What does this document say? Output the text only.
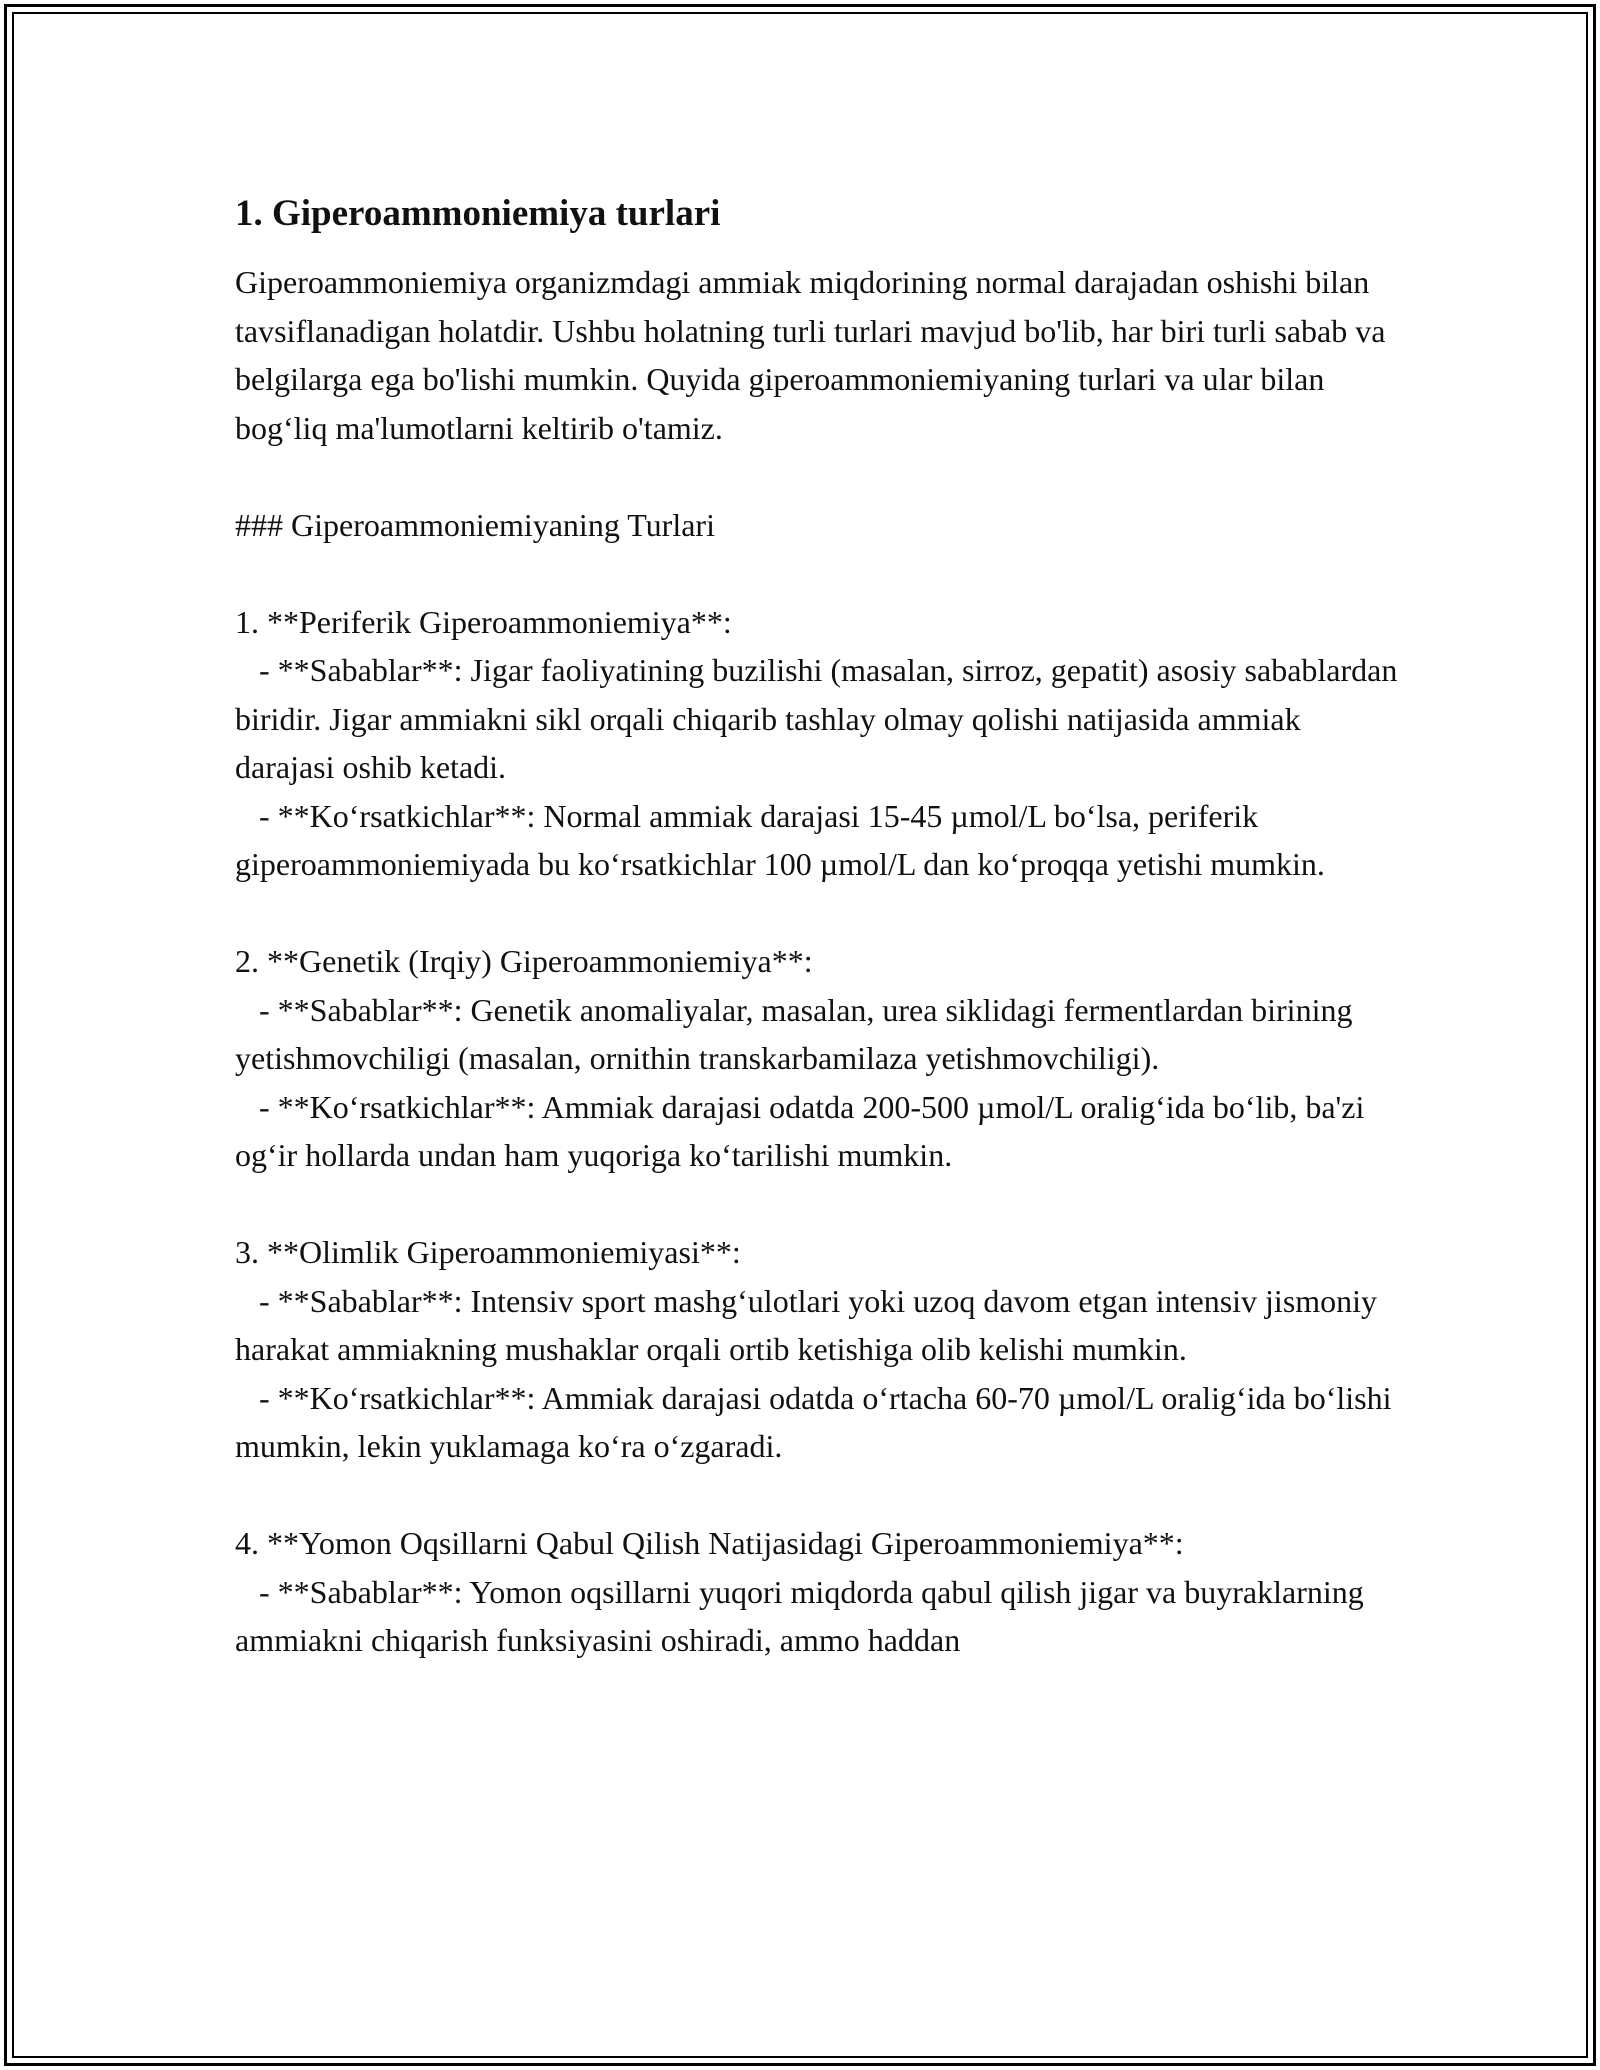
1. Giperoammoniemiya turlari

Giperoammoniemiya organizmdagi ammiak miqdorining normal darajadan oshishi bilan tavsiflanadigan holatdir. Ushbu holatning turli turlari mavjud bo'lib, har biri turli sabab va belgilarga ega bo'lishi mumkin. Quyida giperoammoniemiyaning turlari va ular bilan bog‘liq ma'lumotlarni keltirib o'tamiz.

### Giperoammoniemiyaning Turlari

1. **Periferik Giperoammoniemiya**:

- **Sabablar**: Jigar faoliyatining buzilishi (masalan, sirroz, gepatit) asosiy sabablardan biridir. Jigar ammiakni sikl orqali chiqarib tashlay olmay qolishi natijasida ammiak darajasi oshib ketadi.

- **Ko‘rsatkichlar**: Normal ammiak darajasi 15-45 µmol/L bo‘lsa, periferik giperoammoniemiyada bu ko‘rsatkichlar 100 µmol/L dan ko‘proqqa yetishi mumkin.

2. **Genetik (Irqiy) Giperoammoniemiya**:

- **Sabablar**: Genetik anomaliyalar, masalan, urea siklidagi fermentlardan birining yetishmovchiligi (masalan, ornithin transkarbamilaza yetishmovchiligi).

- **Ko‘rsatkichlar**: Ammiak darajasi odatda 200-500 µmol/L oralig‘ida bo‘lib, ba'zi og‘ir hollarda undan ham yuqoriga ko‘tarilishi mumkin.

3. **Olimlik Giperoammoniemiyasi**:

- **Sabablar**: Intensiv sport mashg‘ulotlari yoki uzoq davom etgan intensiv jismoniy harakat ammiakning mushaklar orqali ortib ketishiga olib kelishi mumkin.

- **Ko‘rsatkichlar**: Ammiak darajasi odatda o‘rtacha 60-70 µmol/L oralig‘ida bo‘lishi mumkin, lekin yuklamaga ko‘ra o‘zgaradi.

4. **Yomon Oqsillarni Qabul Qilish Natijasidagi Giperoammoniemiya**:

- **Sabablar**: Yomon oqsillarni yuqori miqdorda qabul qilish jigar va buyraklarning ammiakni chiqarish funksiyasini oshiradi, ammo haddan
